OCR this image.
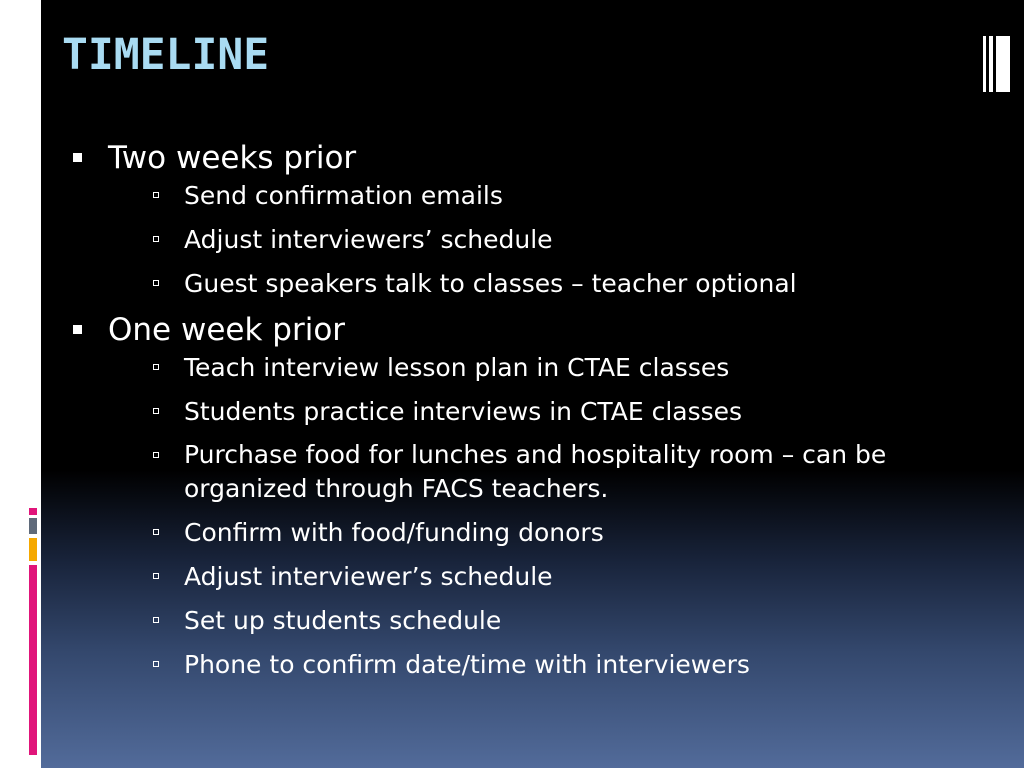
TIMELINE
Two weeks prior
Send confirmation emails
Adjust interviewers’ schedule
Guest speakers talk to classes – teacher optional
One week prior
Teach interview lesson plan in CTAE classes
Students practice interviews in CTAE classes
Purchase food for lunches and hospitality room – can be organized through FACS teachers.
Confirm with food/funding donors
Adjust interviewer’s schedule
Set up students schedule
Phone to confirm date/time with interviewers
